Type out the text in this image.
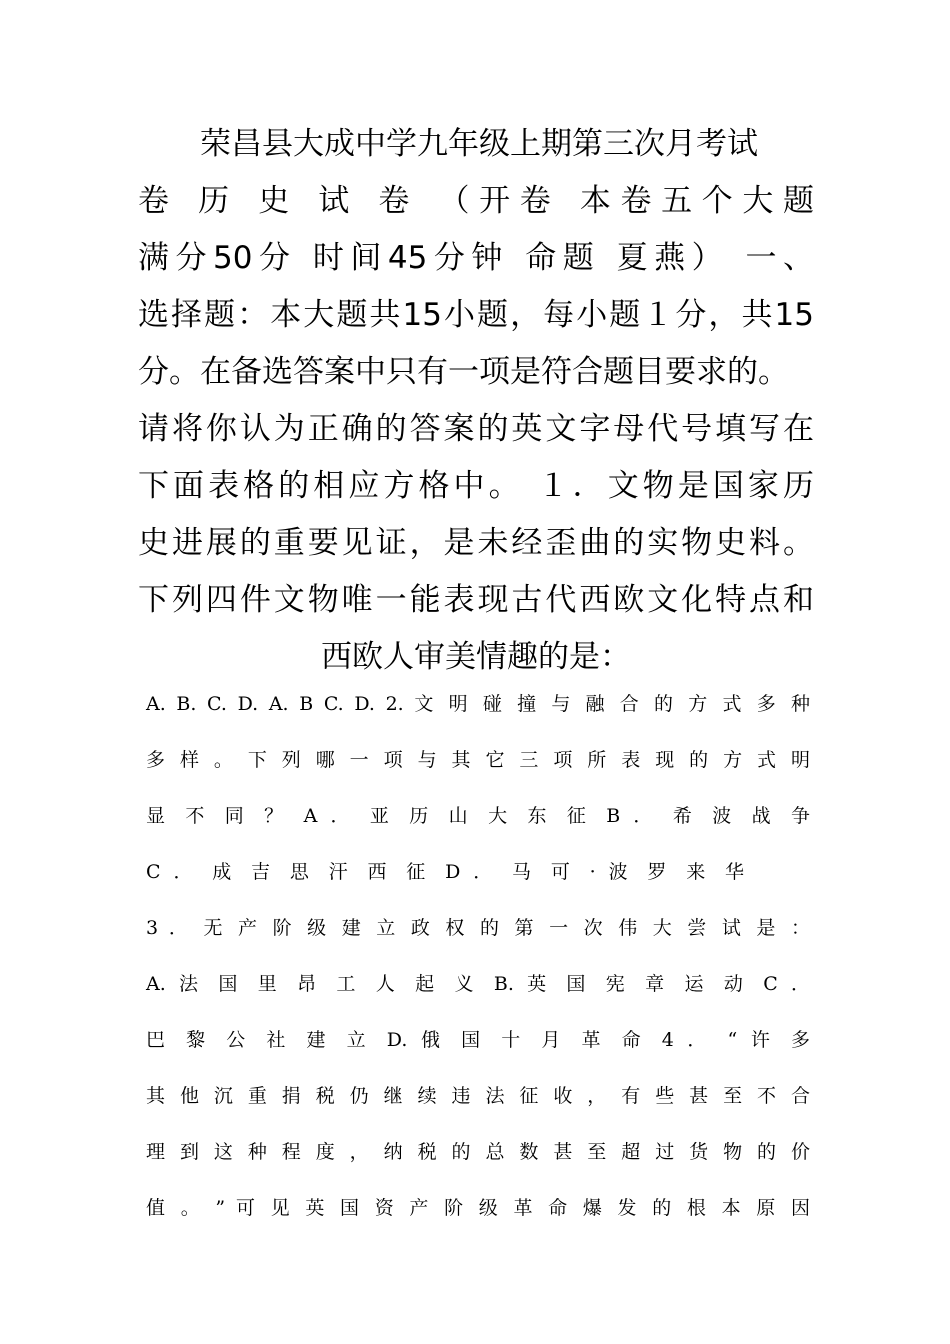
　　荣昌县大成中学九年级上期第三次月考试

卷 历 史 试 卷 （开卷 本卷五个大题

满分50分 时间45分钟 命题 夏燕） 一、

选择题：本大题共15小题，每小题１分，共15

分。在备选答案中只有一项是符合题目要求的。

请将你认为正确的答案的英文字母代号填写在

下面表格的相应方格中。 １．文物是国家历

史进展的重要见证，是未经歪曲的实物史料。

下列四件文物唯一能表现古代西欧文化特点和

西欧人审美情趣的是：

A. B. C. D. A. B C. D. 2. 文 明 碰 撞 与 融 合 的 方 式 多 种

多 样 。 下 列 哪 一 项 与 其 它 三 项 所 表 现 的 方 式 明

显 不 同 ？ A ． 亚 历 山 大 东 征 B ． 希 波 战 争

C ． 成 吉 思 汗 西 征 D ． 马 可 · 波 罗 来 华

3 ． 无 产 阶 级 建 立 政 权 的 第 一 次 伟 大 尝 试 是 ：

A. 法 国 里 昂 工 人 起 义 B. 英 国 宪 章 运 动 C ．

巴 黎 公 社 建 立 D. 俄 国 十 月 革 命 4 ． “ 许 多

其 他 沉 重 捐 税 仍 继 续 违 法 征 收 ， 有 些 甚 至 不 合

理 到 这 种 程 度 ， 纳 税 的 总 数 甚 至 超 过 货 物 的 价

值 。 ” 可 见 英 国 资 产 阶 级 革 命 爆 发 的 根 本 原 因
